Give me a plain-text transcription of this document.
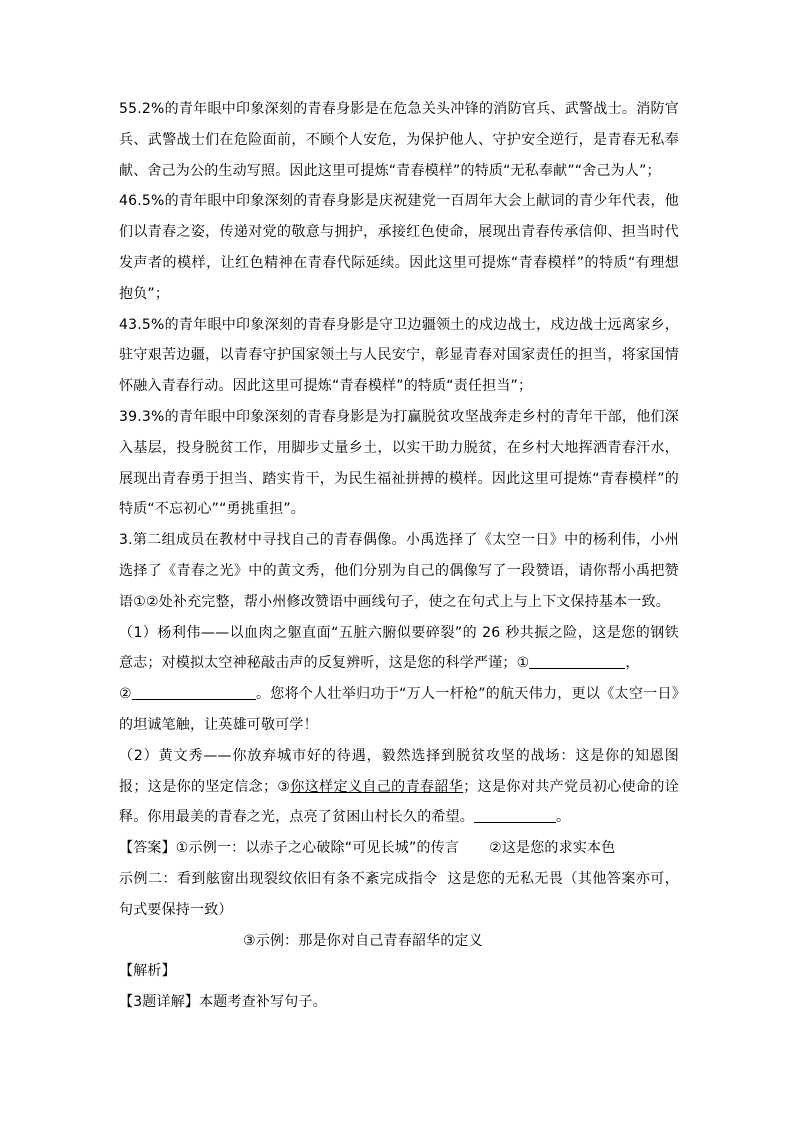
55.2%的青年眼中印象深刻的青春身影是在危急关头冲锋的消防官兵、武警战士。消防官兵、武警战士们在危险面前，不顾个人安危，为保护他人、守护安全逆行，是青春无私奉献、舍己为公的生动写照。因此这里可提炼“青春模样”的特质“无私奉献”“舍己为人”；

46.5%的青年眼中印象深刻的青春身影是庆祝建党一百周年大会上献词的青少年代表，他们以青春之姿，传递对党的敬意与拥护，承接红色使命，展现出青春传承信仰、担当时代发声者的模样，让红色精神在青春代际延续。因此这里可提炼“青春模样”的特质“有理想抱负”；

43.5%的青年眼中印象深刻的青春身影是守卫边疆领土的戍边战士，戍边战士远离家乡，驻守艰苦边疆，以青春守护国家领土与人民安宁，彰显青春对国家责任的担当，将家国情怀融入青春行动。因此这里可提炼“青春模样”的特质“责任担当”；

39.3%的青年眼中印象深刻的青春身影是为打赢脱贫攻坚战奔走乡村的青年干部，他们深入基层，投身脱贫工作，用脚步丈量乡土，以实干助力脱贫，在乡村大地挥洒青春汗水，展现出青春勇于担当、踏实肯干，为民生福祉拼搏的模样。因此这里可提炼“青春模样”的特质“不忘初心”“勇挑重担”。

3.第二组成员在教材中寻找自己的青春偶像。小禹选择了《太空一日》中的杨利伟，小州选择了《青春之光》中的黄文秀，他们分别为自己的偶像写了一段赞语，请你帮小禹把赞语①②处补充完整，帮小州修改赞语中画线句子，使之在句式上与上下文保持基本一致。

（1）杨利伟——以血肉之躯直面“五脏六腑似要碎裂”的 26 秒共振之险，这是您的钢铁意志；对模拟太空神秘敲击声的反复辨听，这是您的科学严谨；①	，
②	。您将个人壮举归功于“万人一杆枪”的航天伟力，更以《太空一日》的坦诚笔触，让英雄可敬可学！

（2）黄文秀——你放弃城市好的待遇，毅然选择到脱贫攻坚的战场：这是你的知恩图报；这是你的坚定信念；③你这样定义自己的青春韶华；这是你对共产党员初心使命的诠释。你用最美的青春之光，点亮了贫困山村长久的希望。	。

【答案】①示例一：以赤子之心破除“可见长城”的传言 ②这是您的求实本色

示例二：看到舷窗出现裂纹依旧有条不紊完成指令  这是您的无私无畏（其他答案亦可，句式要保持一致）

③示例：那是你对自己青春韶华的定义

【解析】

【3题详解】本题考查补写句子。
